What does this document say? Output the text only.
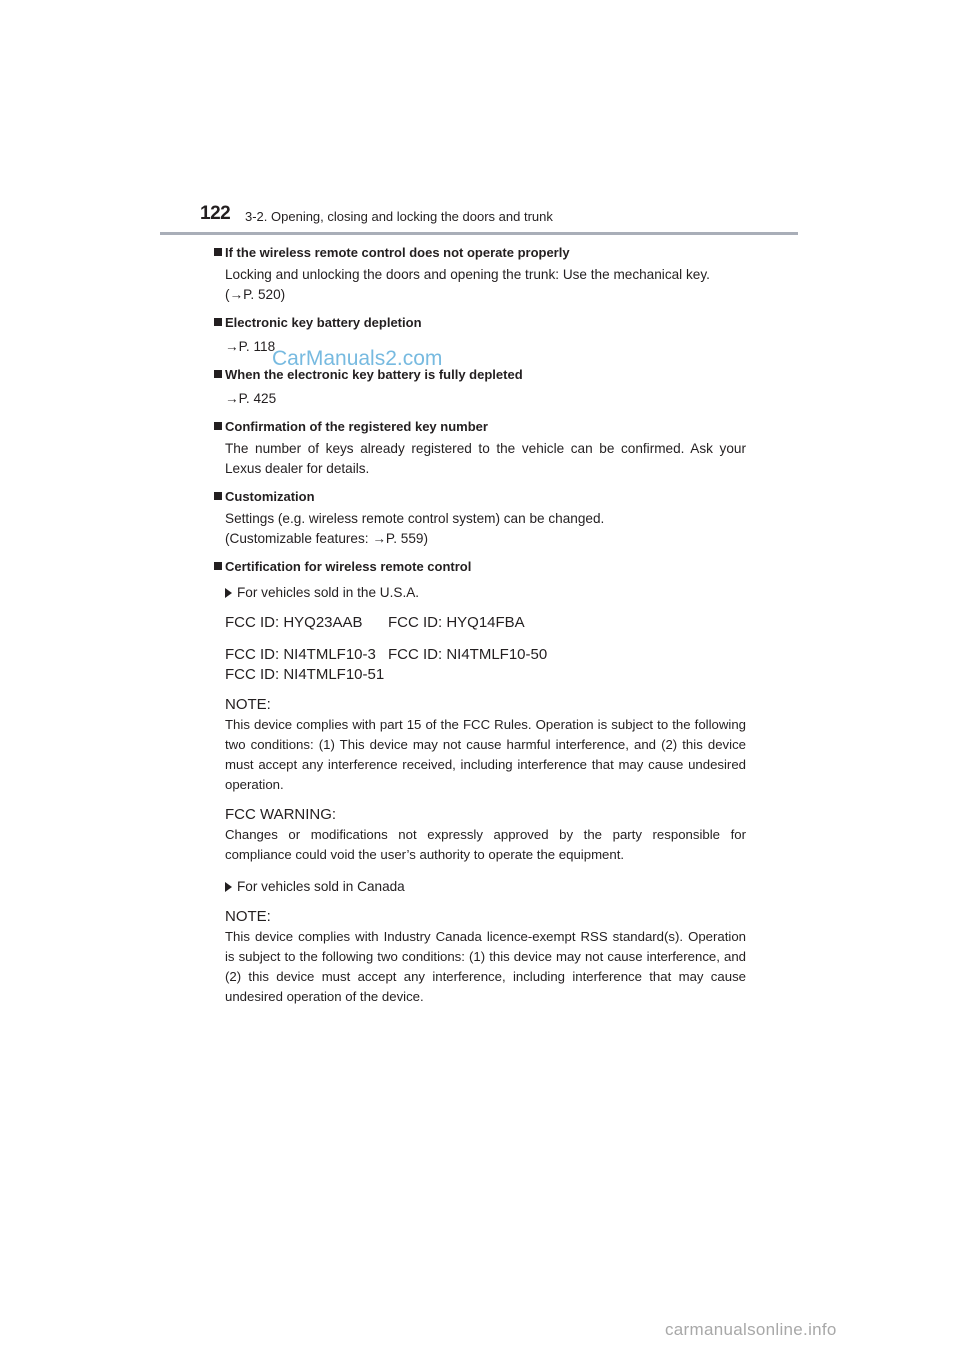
122 3-2. Opening, closing and locking the doors and trunk
If the wireless remote control does not operate properly
Locking and unlocking the doors and opening the trunk: Use the mechanical key.
(→P. 520)
Electronic key battery depletion
→P. 118
When the electronic key battery is fully depleted
→P. 425
Confirmation of the registered key number
The number of keys already registered to the vehicle can be confirmed. Ask your Lexus dealer for details.
Customization
Settings (e.g. wireless remote control system) can be changed.
(Customizable features: →P. 559)
Certification for wireless remote control
For vehicles sold in the U.S.A.
FCC ID: HYQ23AAB	FCC ID: HYQ14FBA
FCC ID: NI4TMLF10-3 FCC ID: NI4TMLF10-50
FCC ID: NI4TMLF10-51
NOTE:
This device complies with part 15 of the FCC Rules. Operation is subject to the following two conditions: (1) This device may not cause harmful interference, and (2) this device must accept any interference received, including interference that may cause undesired operation.
FCC WARNING:
Changes or modifications not expressly approved by the party responsible for compliance could void the user’s authority to operate the equipment.
For vehicles sold in Canada
NOTE:
This device complies with Industry Canada licence-exempt RSS standard(s). Operation is subject to the following two conditions: (1) this device may not cause interference, and (2) this device must accept any interference, including interference that may cause undesired operation of the device.
CarManuals2.com
carmanualsonline.info
